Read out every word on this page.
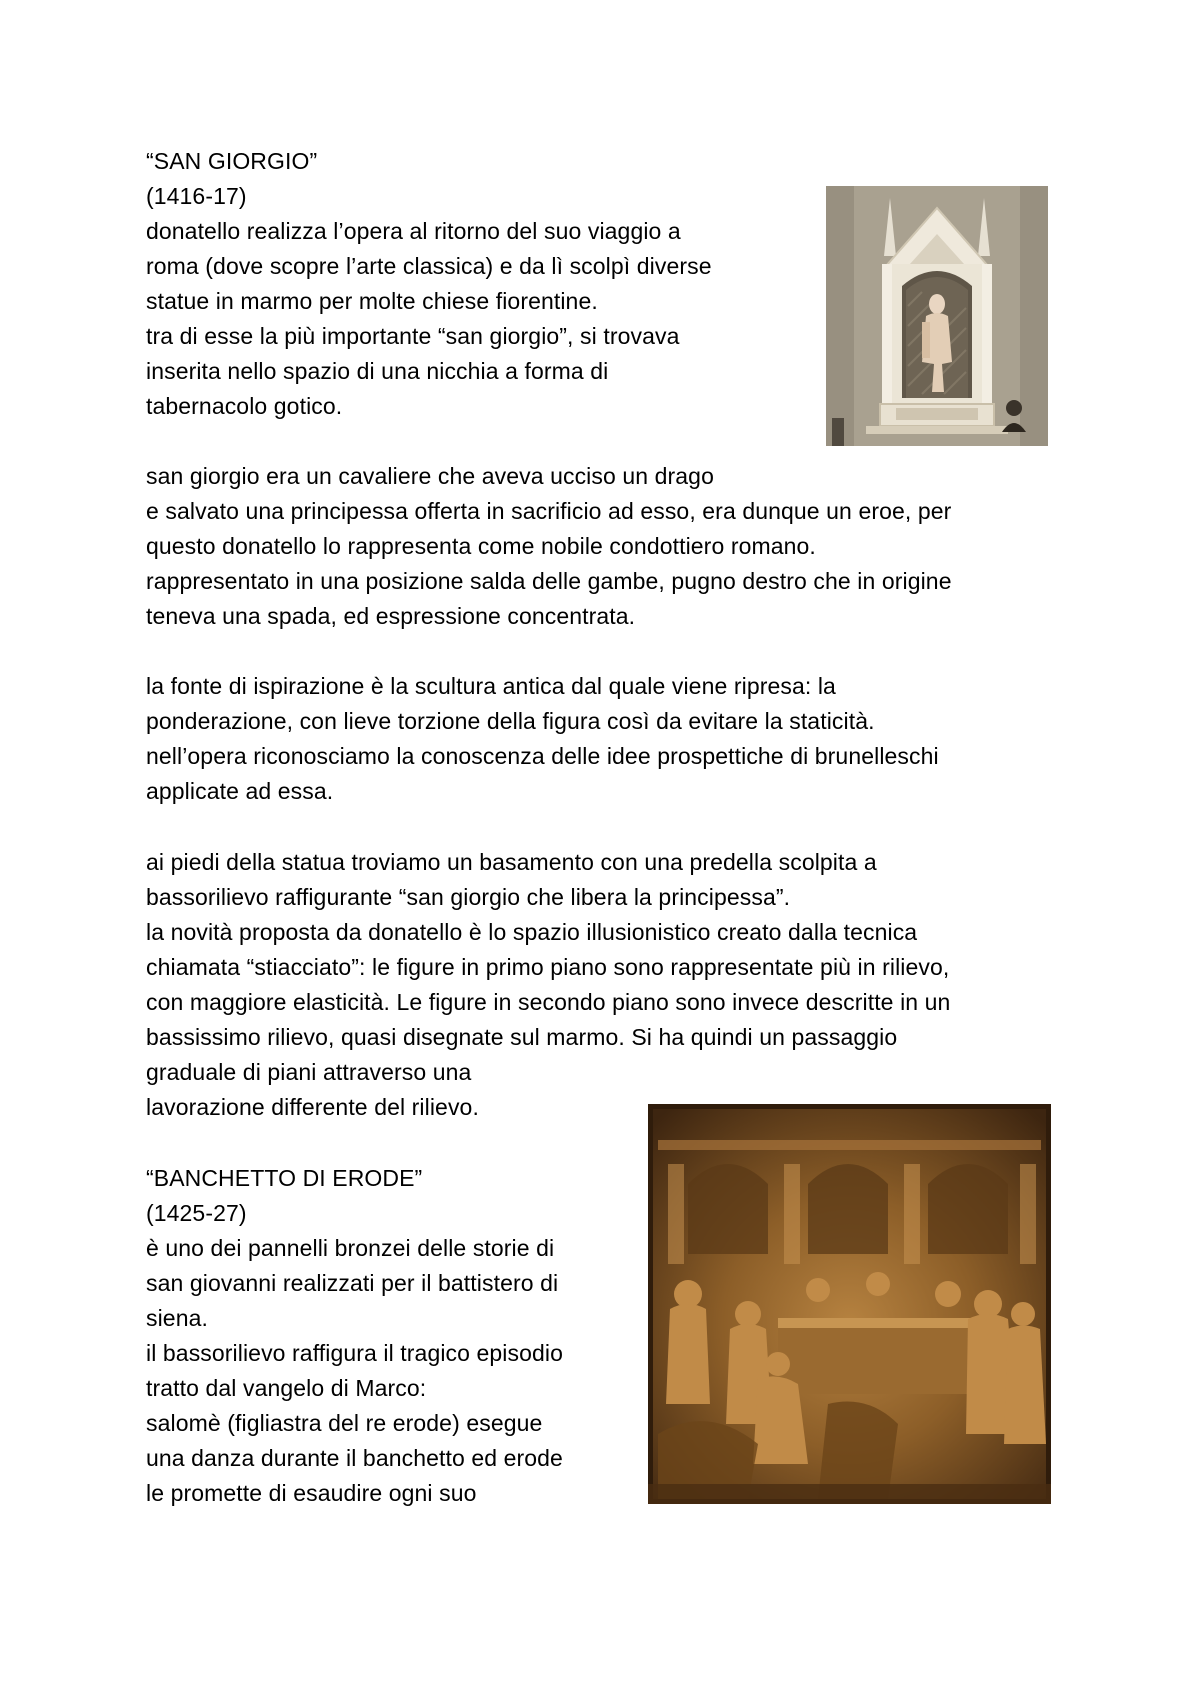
“SAN GIORGIO”
(1416-17)
donatello realizza l’opera al ritorno del suo viaggio a
roma (dove scopre l’arte classica) e da lì scolpì diverse
statue in marmo per molte chiese fiorentine.
tra di esse la più importante “san giorgio”, si trovava
inserita nello spazio di una nicchia a forma di
tabernacolo gotico.
san giorgio era un cavaliere che aveva ucciso un drago
e salvato una principessa offerta in sacrificio ad esso, era dunque un eroe, per
questo donatello lo rappresenta come nobile condottiero romano.
rappresentato in una posizione salda delle gambe, pugno destro che in origine
teneva una spada, ed espressione concentrata.
la fonte di ispirazione è la scultura antica dal quale viene ripresa: la
ponderazione, con lieve torzione della figura così da evitare la staticità.
nell’opera riconosciamo la conoscenza delle idee prospettiche di brunelleschi
applicate ad essa.
ai piedi della statua troviamo un basamento con una predella scolpita a
bassorilievo raffigurante “san giorgio che libera la principessa”.
la novità proposta da donatello è lo spazio illusionistico creato dalla tecnica
chiamata “stiacciato”: le figure in primo piano sono rappresentate più in rilievo,
con maggiore elasticità. Le figure in secondo piano sono invece descritte in un
bassissimo rilievo, quasi disegnate sul marmo. Si ha quindi un passaggio
graduale di piani attraverso una
lavorazione differente del rilievo.
“BANCHETTO DI ERODE”
(1425-27)
è uno dei pannelli bronzei delle storie di
san giovanni realizzati per il battistero di
siena.
il bassorilievo raffigura il tragico episodio
tratto dal vangelo di Marco:
salomè (figliastra del re erode) esegue
una danza durante il banchetto ed erode
le promette di esaudire ogni suo
